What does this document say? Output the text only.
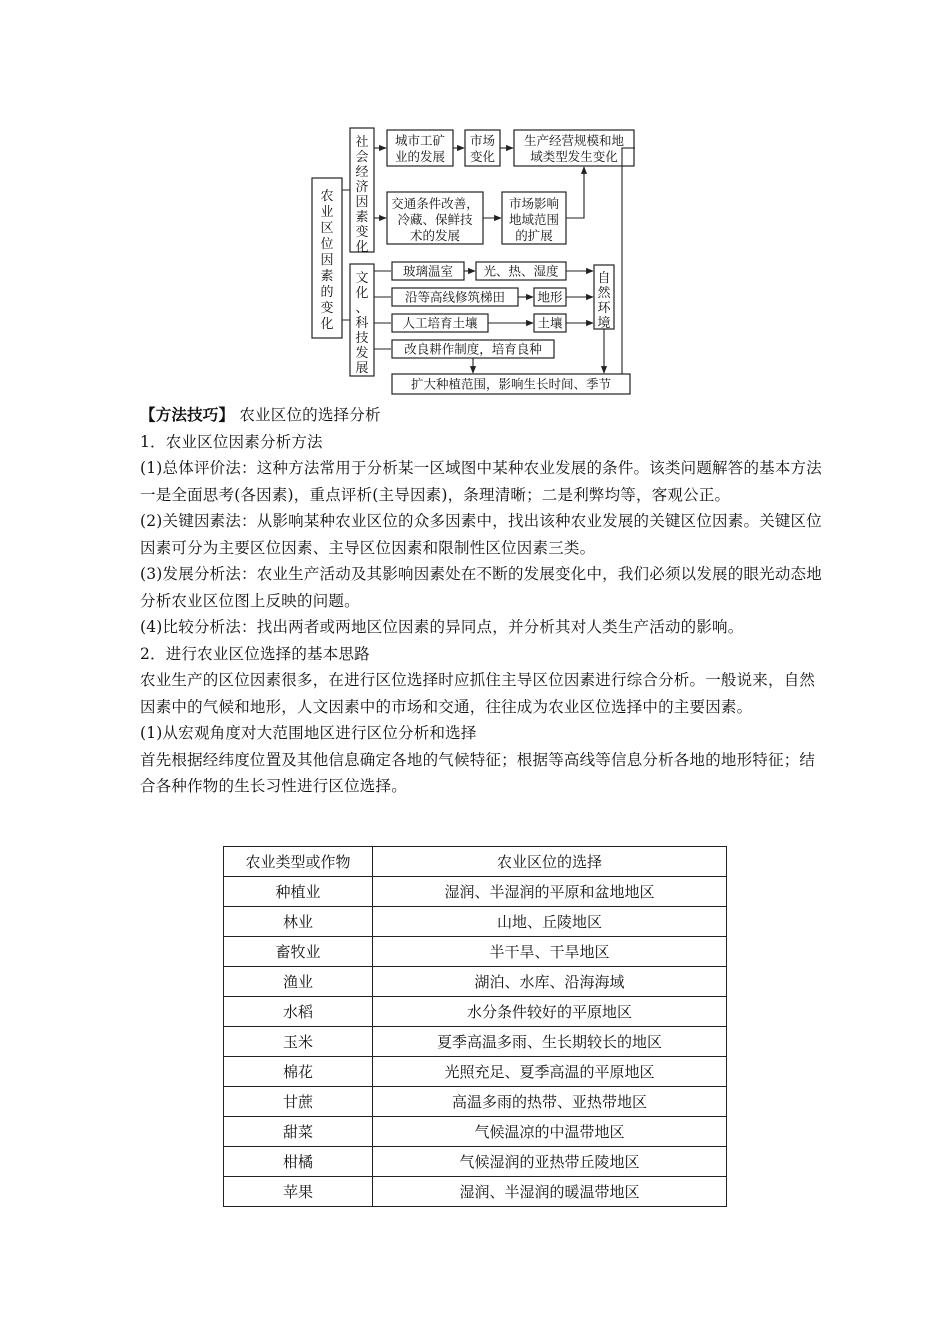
农业区位因素的变化
社会经济因素变化
文化、科技发展
城市工矿
业的发展
市场
变化
生产经营规模和地
域类型发生变化
交通条件改善，
冷藏、保鲜技
术的发展
市场影响
地域范围
的扩展
玻璃温室 光、热、湿度
沿等高线修筑梯田	地形
人工培育土壤	土壤
自然环境
改良耕作制度，培育良种
扩大种植范围，影响生长时间、季节

【方法技巧】 农业区位的选择分析

1．农业区位因素分析方法

(1)总体评价法：这种方法常用于分析某一区域图中某种农业发展的条件。该类问题解答的基本方法一是全面思考(各因素)，重点评析(主导因素)，条理清晰；二是利弊均等，客观公正。

(2)关键因素法：从影响某种农业区位的众多因素中，找出该种农业发展的关键区位因素。关键区位因素可分为主要区位因素、主导区位因素和限制性区位因素三类。

(3)发展分析法：农业生产活动及其影响因素处在不断的发展变化中，我们必须以发展的眼光动态地分析农业区位图上反映的问题。

(4)比较分析法：找出两者或两地区位因素的异同点，并分析其对人类生产活动的影响。

2．进行农业区位选择的基本思路

农业生产的区位因素很多，在进行区位选择时应抓住主导区位因素进行综合分析。一般说来，自然因素中的气候和地形，人文因素中的市场和交通，往往成为农业区位选择中的主要因素。

(1)从宏观角度对大范围地区进行区位分析和选择

首先根据经纬度位置及其他信息确定各地的气候特征；根据等高线等信息分析各地的地形特征；结合各种作物的生长习性进行区位选择。

农业类型或作物	农业区位的选择
种植业	湿润、半湿润的平原和盆地地区
林业	山地、丘陵地区
畜牧业	半干旱、干旱地区
渔业	湖泊、水库、沿海海域
水稻	水分条件较好的平原地区
玉米	夏季高温多雨、生长期较长的地区
棉花	光照充足、夏季高温的平原地区
甘蔗	高温多雨的热带、亚热带地区
甜菜	气候温凉的中温带地区
柑橘	气候湿润的亚热带丘陵地区
苹果	湿润、半湿润的暖温带地区
